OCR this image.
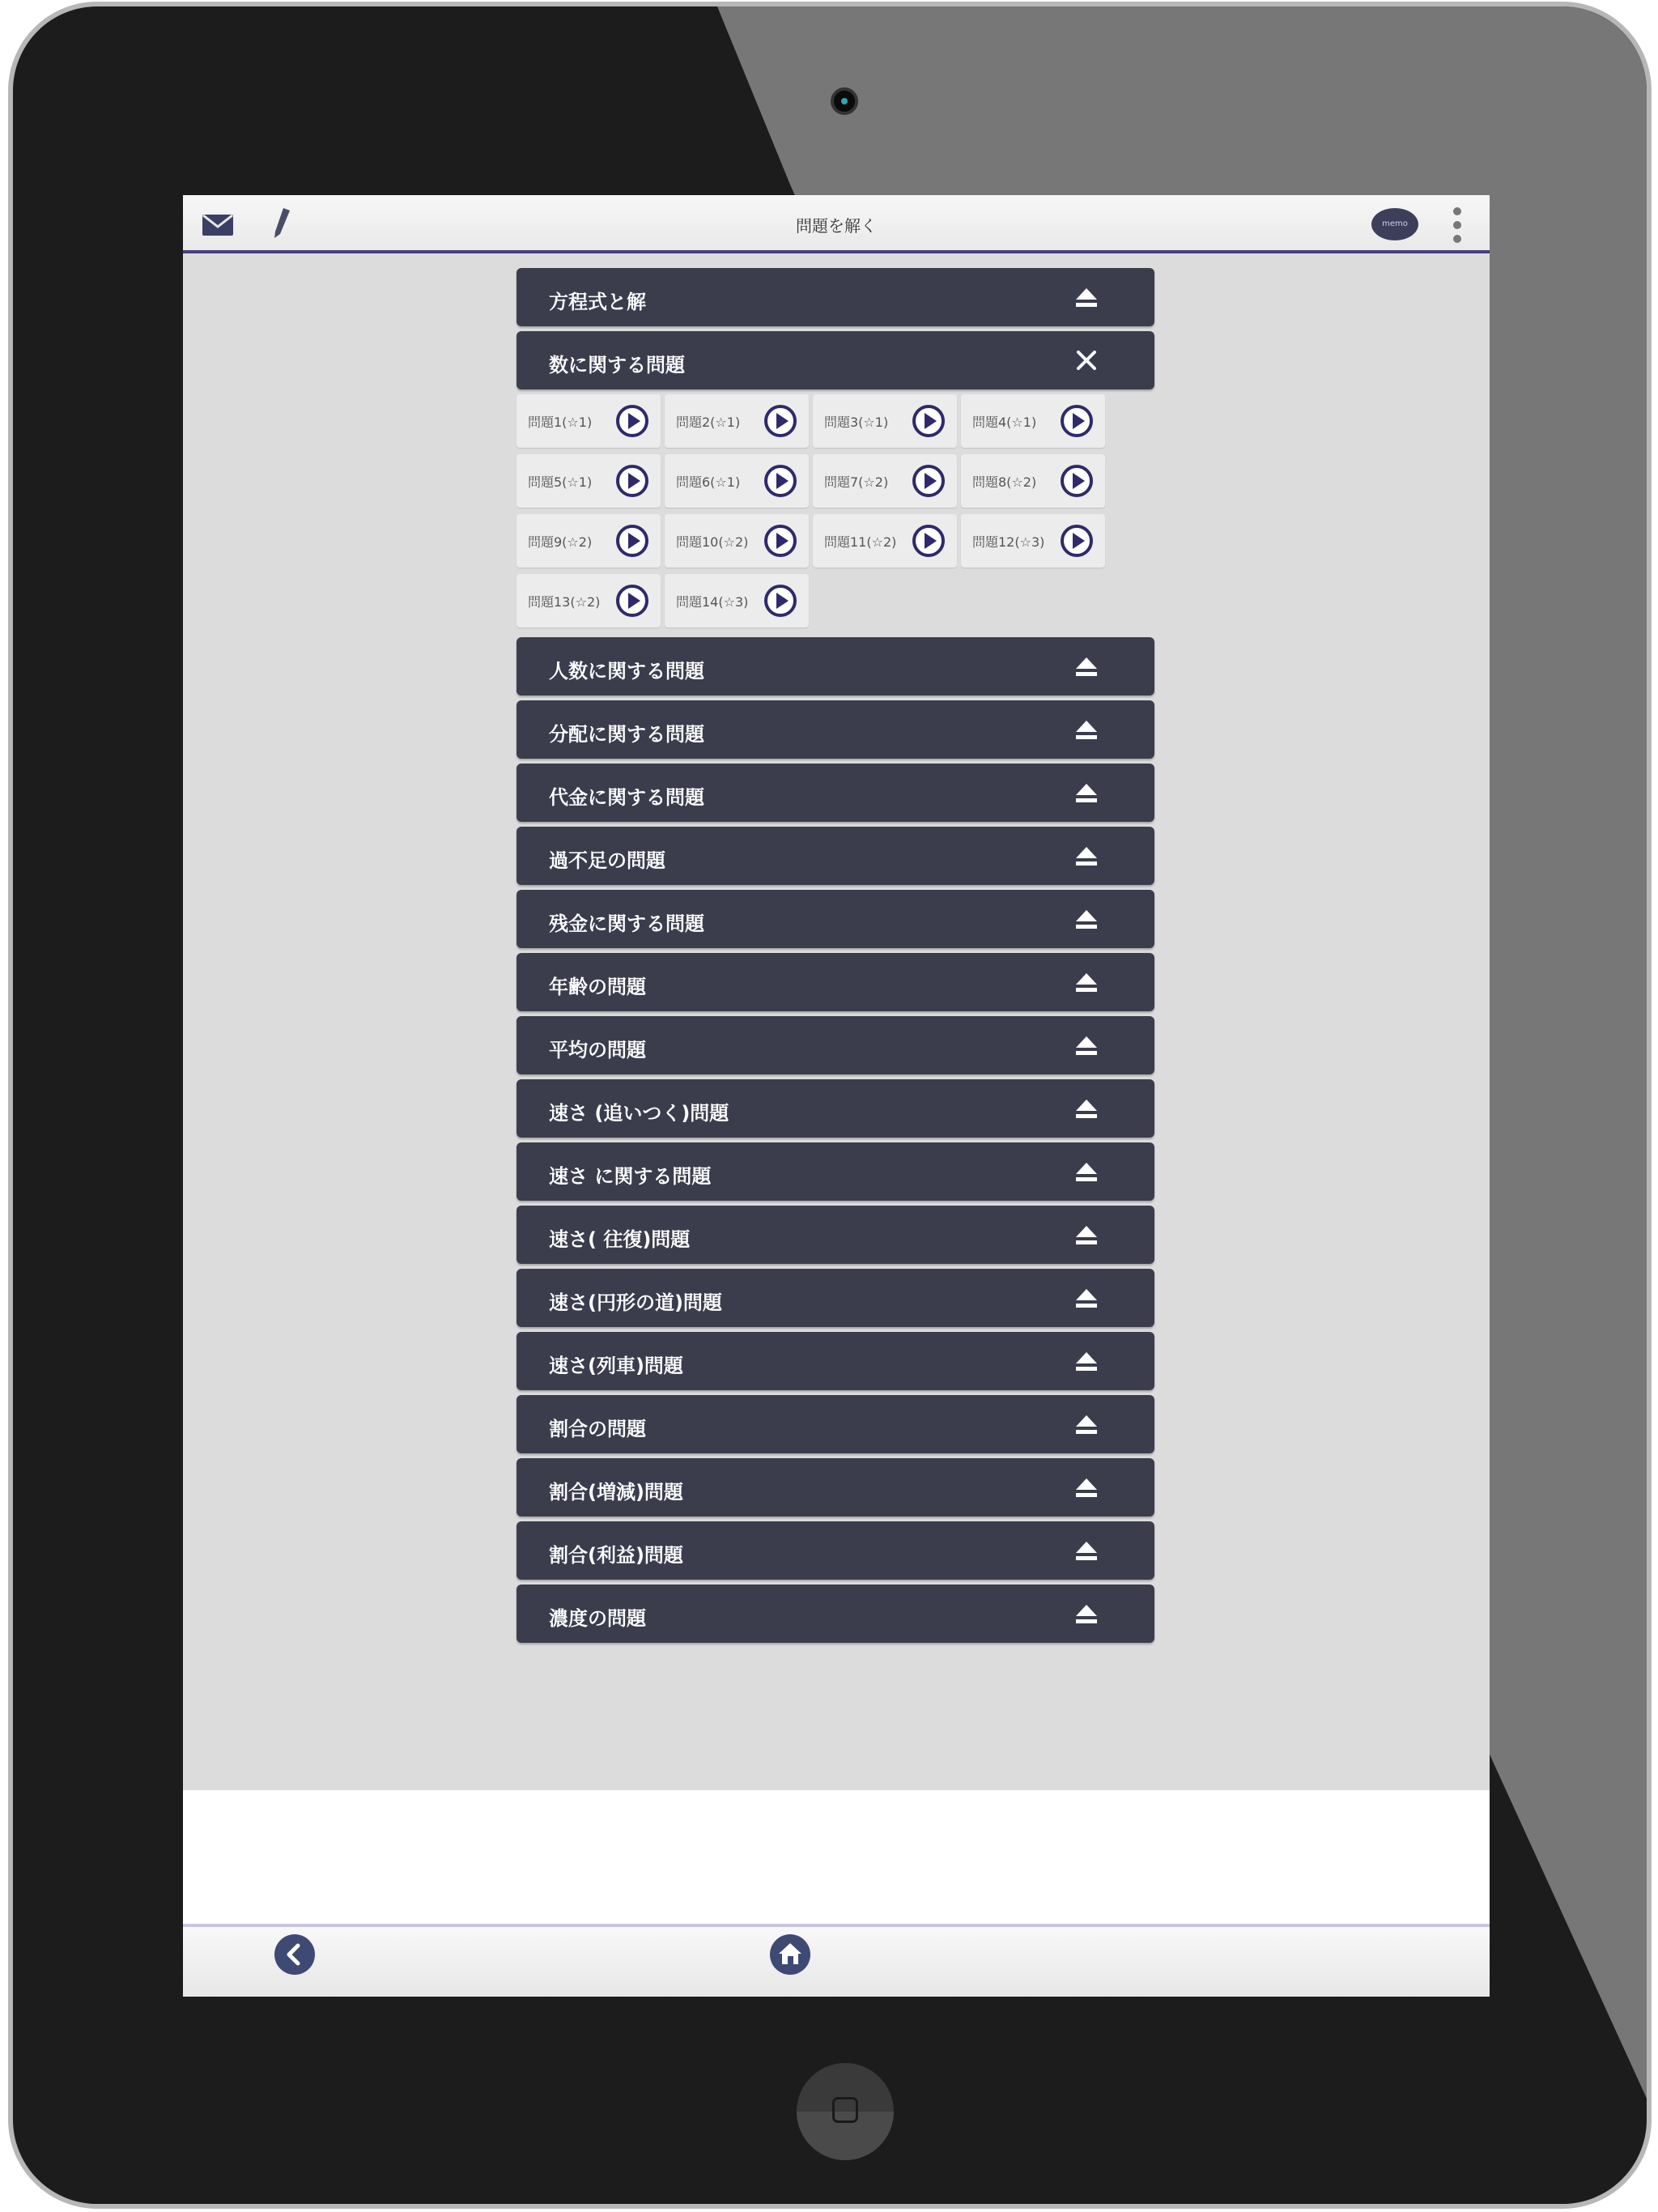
問題を解く	memo
方程式と解
数に関する問題
問題1(☆1)	問題2(☆1)	問題3(☆1)	問題4(☆1)
問題5(☆1)	問題6(☆1)	問題7(☆2)	問題8(☆2)
問題9(☆2)	問題10(☆2)	問題11(☆2)	問題12(☆3)
問題13(☆2)	問題14(☆3)
人数に関する問題
分配に関する問題
代金に関する問題
過不足の問題
残金に関する問題
年齢の問題
平均の問題
速さ (追いつく)問題
速さ に関する問題
速さ( 往復)問題
速さ(円形の道)問題
速さ(列車)問題
割合の問題
割合(増減)問題
割合(利益)問題
濃度の問題
